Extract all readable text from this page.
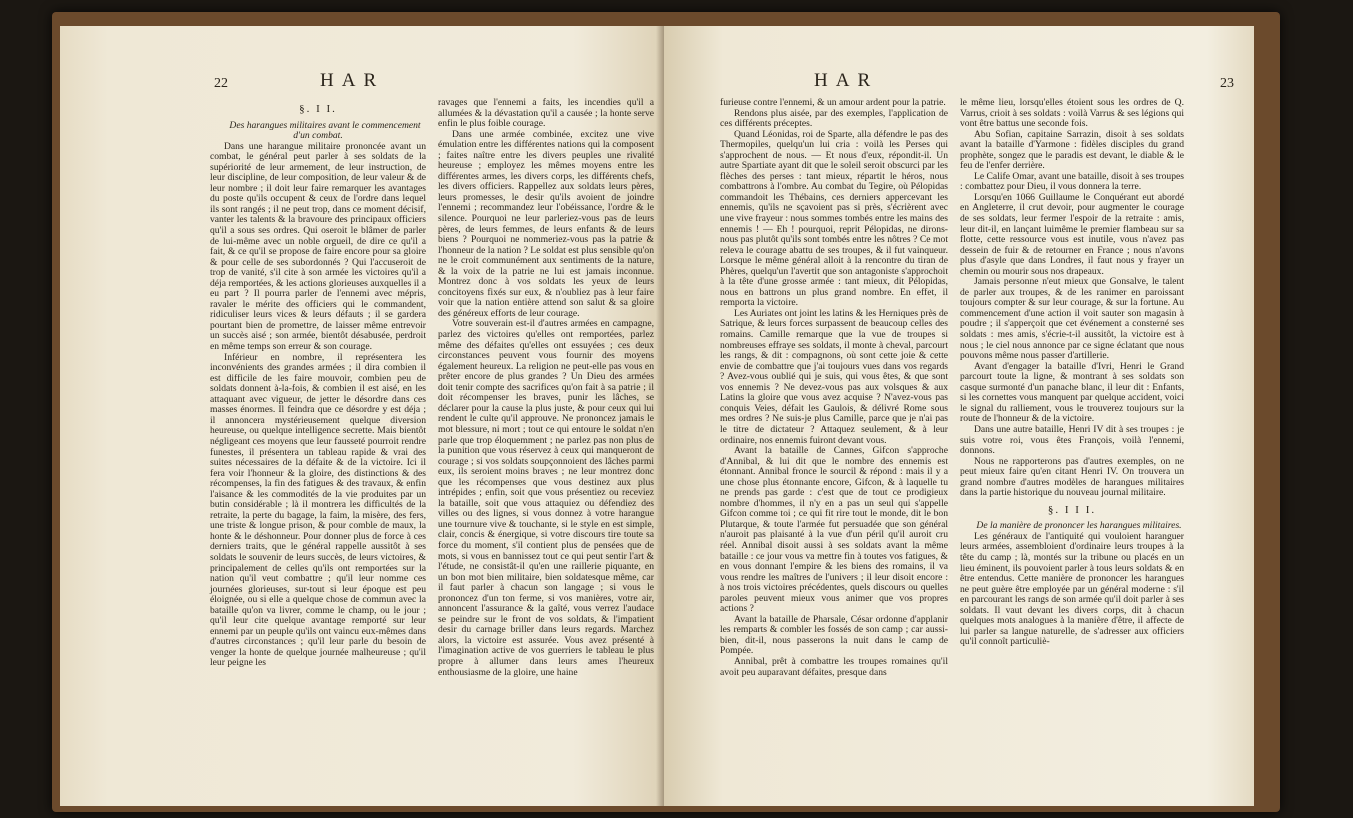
22	HAR
§. I I.

Des harangues militaires avant le commencement d'un combat.

Dans une harangue militaire prononcée avant un combat, le général peut parler à ses soldats de la supériorité de leur armement, de leur instruction, de leur discipline, de leur composition, de leur valeur & de leur nombre ; il doit leur faire remarquer les avantages du poste qu'ils occupent & ceux de l'ordre dans lequel ils sont rangés ; il ne peut trop, dans ce moment décisif, vanter les talents & la bravoure des principaux officiers qu'il a sous ses ordres. Qui oseroit le blâmer de parler de lui-même avec un noble orgueil, de dire ce qu'il a fait, & ce qu'il se propose de faire encore pour sa gloire & pour celle de ses subordonnés ? Qui l'accuseroit de trop de vanité, s'il cite à son armée les victoires qu'il a déja remportées, & les actions glorieuses auxquelles il a eu part ? Il pourra parler de l'ennemi avec mépris, ravaler le mérite des officiers qui le commandent, ridiculiser leurs vices & leurs défauts ; il se gardera pourtant bien de promettre, de laisser même entrevoir un succès aisé ; son armée, bientôt désabusée, perdroit en même temps son erreur & son courage.

Inférieur en nombre, il représentera les inconvénients des grandes armées ; il dira combien il est difficile de les faire mouvoir, combien peu de soldats donnent à-la-fois, & combien il est aisé, en les attaquant avec vigueur, de jetter le désordre dans ces masses énormes. Il feindra que ce désordre y est déja ; il annoncera mystérieusement quelque diversion heureuse, ou quelque intelligence secrette. Mais bientôt négligeant ces moyens que leur fausseté pourroit rendre funestes, il présentera un tableau rapide & vrai des suites nécessaires de la défaite & de la victoire. Ici il fera voir l'honneur & la gloire, des distinctions & des récompenses, la fin des fatigues & des travaux, & enfin l'aisance & les commodités de la vie produites par un butin considérable ; là il montrera les difficultés de la retraite, la perte du bagage, la faim, la misère, des fers, une triste & longue prison, & pour comble de maux, la honte & le déshonneur. Pour donner plus de force à ces derniers traits, que le général rappelle aussitôt à ses soldats le souvenir de leurs succès, de leurs victoires, & principalement de celles qu'ils ont remportées sur la nation qu'il veut combattre ; qu'il leur nomme ces journées glorieuses, sur-tout si leur époque est peu éloignée, ou si elle a quelque chose de commun avec la bataille qu'on va livrer, comme le champ, ou le jour ; qu'il leur cite quelque avantage remporté sur leur ennemi par un peuple qu'ils ont vaincu eux-mêmes dans d'autres circonstances ; qu'il leur parle du besoin de venger la honte de quelque journée malheureuse ; qu'il leur peigne les

ravages que l'ennemi a faits, les incendies qu'il a allumées & la dévastation qu'il a causée ; la honte serve enfin le plus foible courage.

Dans une armée combinée, excitez une vive émulation entre les différentes nations qui la composent ; faites naître entre les divers peuples une rivalité heureuse ; employez les mêmes moyens entre les différentes armes, les divers corps, les différents chefs, les divers officiers. Rappellez aux soldats leurs pères, leurs promesses, le desir qu'ils avoient de joindre l'ennemi ; recommandez leur l'obéissance, l'ordre & le silence. Pourquoi ne leur parleriez-vous pas de leurs pères, de leurs femmes, de leurs enfants & de leurs biens ? Pourquoi ne nommeriez-vous pas la patrie & l'honneur de la nation ? Le soldat est plus sensible qu'on ne le croit communément aux sentiments de la nature, & la voix de la patrie ne lui est jamais inconnue. Montrez donc à vos soldats les yeux de leurs concitoyens fixés sur eux, & n'oubliez pas à leur faire voir que la nation entière attend son salut & sa gloire des généreux efforts de leur courage.

Votre souverain est-il d'autres armées en campagne, parlez des victoires qu'elles ont remportées, parlez même des défaites qu'elles ont essuyées ; ces deux circonstances peuvent vous fournir des moyens également heureux. La religion ne peut-elle pas vous en prêter encore de plus grandes ? Un Dieu des armées doit tenir compte des sacrifices qu'on fait à sa patrie ; il doit récompenser les braves, punir les lâches, se déclarer pour la cause la plus juste, & pour ceux qui lui rendent le culte qu'il approuve. Ne prononcez jamais le mot blessure, ni mort ; tout ce qui entoure le soldat n'en parle que trop éloquemment ; ne parlez pas non plus de la punition que vous réservez à ceux qui manqueront de courage ; si vos soldats soupçonnoient des lâches parmi eux, ils seroient moins braves ; ne leur montrez donc que les récompenses que vous destinez aux plus intrépides ; enfin, soit que vous présentiez ou receviez la bataille, soit que vous attaquiez ou défendiez des villes ou des lignes, si vous donnez à votre harangue une tournure vive & touchante, si le style en est simple, clair, concis & énergique, si votre discours tire toute sa force du moment, s'il contient plus de pensées que de mots, si vous en bannissez tout ce qui peut sentir l'art & l'étude, ne consistât-il qu'en une raillerie piquante, en un bon mot bien militaire, bien soldatesque même, car il faut parler à chacun son langage ; si vous le prononcez d'un ton ferme, si vos manières, votre air, annoncent l'assurance & la gaîté, vous verrez l'audace se peindre sur le front de vos soldats, & l'impatient desir du carnage briller dans leurs regards. Marchez alors, la victoire est assurée. Vous avez présenté à l'imagination active de vos guerriers le tableau le plus propre à allumer dans leurs ames l'heureux enthousiasme de la gloire, une haine

HAR	23

furieuse contre l'ennemi, & un amour ardent pour la patrie.

Rendons plus aisée, par des exemples, l'application de ces différents préceptes.

Quand Léonidas, roi de Sparte, alla défendre le pas des Thermopiles, quelqu'un lui cria : voilà les Perses qui s'approchent de nous. — Et nous d'eux, répondit-il. Un autre Spartiate ayant dit que le soleil seroit obscurci par les flèches des perses : tant mieux, répartit le héros, nous combattrons à l'ombre. Au combat du Tegire, où Pélopidas commandoit les Thébains, ces derniers appercevant les ennemis, qu'ils ne sçavoient pas si près, s'écrièrent avec une vive frayeur : nous sommes tombés entre les mains des ennemis ! — Eh ! pourquoi, reprit Pélopidas, ne dirons-nous pas plutôt qu'ils sont tombés entre les nôtres ? Ce mot releva le courage abattu de ses troupes, & il fut vainqueur. Lorsque le même général alloit à la rencontre du tiran de Phères, quelqu'un l'avertit que son antagoniste s'approchoit à la tête d'une grosse armée : tant mieux, dit Pélopidas, nous en battrons un plus grand nombre. En effet, il remporta la victoire.

Les Auriates ont joint les latins & les Herniques près de Satrique, & leurs forces surpassent de beaucoup celles des romains. Camille remarque que la vue de troupes si nombreuses effraye ses soldats, il monte à cheval, parcourt les rangs, & dit : compagnons, où sont cette joie & cette envie de combattre que j'ai toujours vues dans vos regards ? Avez-vous oublié qui je suis, qui vous êtes, & que sont vos ennemis ? Ne devez-vous pas aux volsques & aux Latins la gloire que vous avez acquise ? N'avez-vous pas conquis Veies, défait les Gaulois, & délivré Rome sous mes ordres ? Ne suis-je plus Camille, parce que je n'ai pas le titre de dictateur ? Attaquez seulement, & à leur ordinaire, nos ennemis fuiront devant vous.

Avant la bataille de Cannes, Gifcon s'approche d'Annibal, & lui dit que le nombre des ennemis est étonnant. Annibal fronce le sourcil & répond : mais il y a une chose plus étonnante encore, Gifcon, & à laquelle tu ne prends pas garde : c'est que de tout ce prodigieux nombre d'hommes, il n'y en a pas un seul qui s'appelle Gifcon comme toi ; ce qui fit rire tout le monde, dit le bon Plutarque, & toute l'armée fut persuadée que son général n'auroit pas plaisanté à la vue d'un péril qu'il auroit cru réel. Annibal disoit aussi à ses soldats avant la même bataille : ce jour vous va mettre fin à toutes vos fatigues, & en vous donnant l'empire & les biens des romains, il va vous rendre les maîtres de l'univers ; il leur disoit encore : à nos trois victoires précédentes, quels discours ou quelles paroles peuvent mieux vous animer que vos propres actions ?

Avant la bataille de Pharsale, César ordonne d'applanir les remparts & combler les fossés de son camp ; car aussi-bien, dit-il, nous passerons la nuit dans le camp de Pompée.

Annibal, prêt à combattre les troupes romaines qu'il avoit peu auparavant défaites, presque dans

le même lieu, lorsqu'elles étoient sous les ordres de Q. Varrus, crioit à ses soldats : voilà Varrus & ses légions qui vont être battus une seconde fois.

Abu Sofian, capitaine Sarrazin, disoit à ses soldats avant la bataille d'Yarmone : fidèles disciples du grand prophète, songez que le paradis est devant, le diable & le feu de l'enfer derrière.

Le Calife Omar, avant une bataille, disoit à ses troupes : combattez pour Dieu, il vous donnera la terre.

Lorsqu'en 1066 Guillaume le Conquérant eut abordé en Angleterre, il crut devoir, pour augmenter le courage de ses soldats, leur fermer l'espoir de la retraite : amis, leur dit-il, en lançant luimême le premier flambeau sur sa flotte, cette ressource vous est inutile, vous n'avez pas dessein de fuir & de retourner en France ; nous n'avons plus d'asyle que dans Londres, il faut nous y frayer un chemin ou mourir sous nos drapeaux.

Jamais personne n'eut mieux que Gonsalve, le talent de parler aux troupes, & de les ranimer en paroissant toujours compter & sur leur courage, & sur la fortune. Au commencement d'une action il voit sauter son magasin à poudre ; il s'apperçoit que cet événement a consterné ses soldats : mes amis, s'écrie-t-il aussitôt, la victoire est à nous ; le ciel nous annonce par ce signe éclatant que nous pouvons même nous passer d'artillerie.

Avant d'engager la bataille d'Ivri, Henri le Grand parcourt toute la ligne, & montrant à ses soldats son casque surmonté d'un panache blanc, il leur dit : Enfants, si les cornettes vous manquent par quelque accident, voici le signal du ralliement, vous le trouverez toujours sur la route de l'honneur & de la victoire.

Dans une autre bataille, Henri IV dit à ses troupes : je suis votre roi, vous êtes François, voilà l'ennemi, donnons.

Nous ne rapporterons pas d'autres exemples, on ne peut mieux faire qu'en citant Henri IV. On trouvera un grand nombre d'autres modèles de harangues militaires dans la partie historique du nouveau journal militaire.

§. I I I.

De la manière de prononcer les harangues militaires.

Les généraux de l'antiquité qui vouloient haranguer leurs armées, assembloient d'ordinaire leurs troupes à la tête du camp ; là, montés sur la tribune ou placés en un lieu éminent, ils pouvoient parler à tous leurs soldats & en être entendus. Cette manière de prononcer les harangues ne peut guère être employée par un général moderne : s'il en parcourant les rangs de son armée qu'il doit parler à ses soldats. Il vaut devant les divers corps, dit à chacun quelques mots analogues à la manière d'être, il affecte de lui parler sa langue naturelle, de s'adresser aux officiers qu'il connoît particuliè-
